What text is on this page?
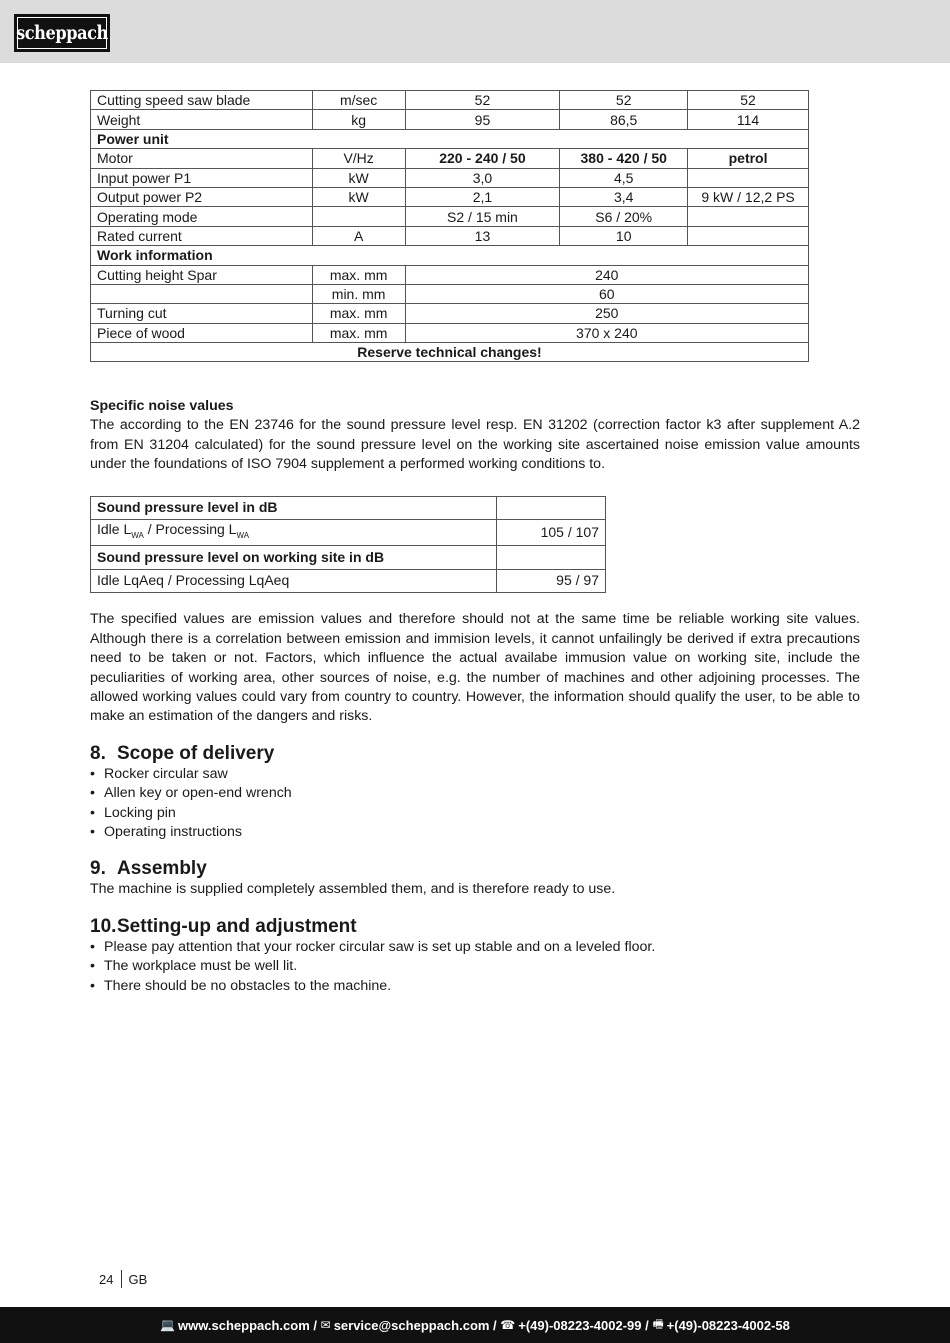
scheppach
Cutting speed saw blade	m/sec	52	52	52
Weight	kg	95	86,5	114
Power unit				
Motor	V/Hz	220 - 240 / 50	380 - 420 / 50	petrol
Input power P1	kW	3,0	4,5	
Output power P2	kW	2,1	3,4	9 kW / 12,2 PS
Operating mode		S2 / 15 min	S6 / 20%	
Rated current	A	13	10	
Work information				
Cutting height Spar	max. mm	240		
	min. mm	60		
Turning cut	max. mm	250		
Piece of wood	max. mm	370 x 240		
Reserve technical changes!				
Specific noise values

The according to the EN 23746 for the sound pressure level resp. EN 31202 (correction factor k3 after supplement A.2 from EN 31204 calculated) for the sound pressure level on the working site ascertained noise emission value amounts under the foundations of ISO 7904 supplement a performed working conditions to.

Sound pressure level in dB	
Idle $L_{WA}$ / Processing $L_{WA}$	105 / 107
Sound pressure level on working site in dB	
Idle LqAeq / Processing LqAeq	95 / 97

The specified values are emission values and therefore should not at the same time be reliable working site values. Although there is a correlation between emission and immision levels, it cannot unfailingly be derived if extra precautions need to be taken or not. Factors, which influence the actual availabe immusion value on working site, include the peculiarities of working area, other sources of noise, e.g. the number of machines and other adjoining processes. The allowed working values could vary from country to country. However, the information should qualify the user, to be able to make an estimation of the dangers and risks.

8. Scope of delivery
• Rocker circular saw
• Allen key or open-end wrench
• Locking pin
• Operating instructions
9. Assembly

The machine is supplied completely assembled them, and is therefore ready to use.

10.Setting-up and adjustment
• Please pay attention that your rocker circular saw is set up stable and on a leveled floor.
• The workplace must be well lit.
• There should be no obstacles to the machine.
24 GB
💻 www.scheppach.com /
✉ service@scheppach.com /
☎ +(49)-08223-4002-99 /
🖷 +(49)-08223-4002-58
